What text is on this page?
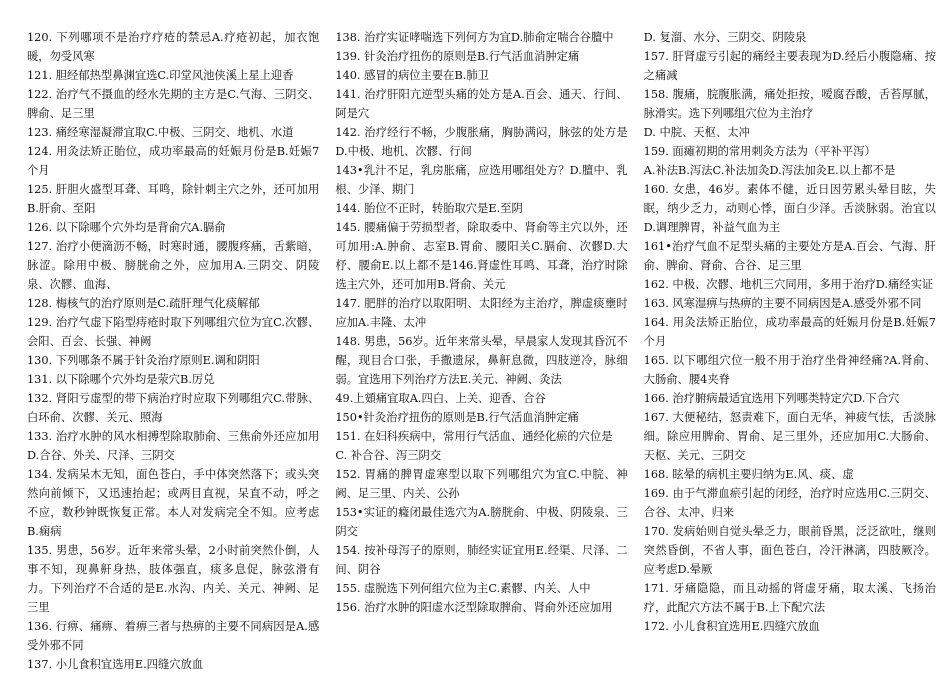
120. 下列哪项不是治疗疗疮的禁忌A.疗疮初起，加衣饱暖，勿受风寒

121. 胆经郁热型鼻渊宜选C.印堂风池侠溪上星上迎香

122. 治疗气不摄血的经水先期的主方是C.气海、三阴交、脾俞、足三里

123. 痛经寒湿凝滞宜取C.中极、三阴交、地机、水道

124. 用灸法矫正胎位，成功率最高的妊娠月份是B.妊娠7个月

125. 肝胆火盛型耳聋、耳鸣，除针刺主穴之外，还可加用B.肝俞、至阳

126. 以下除哪个穴外均是背俞穴A.膈俞

127. 治疗小便滴沥不畅，时寒时通，腰腹疼痛，舌紫暗，脉涩。除用中极、膀胱俞之外，应加用A.三阴交、阴陵泉、次髎、血海、

128. 梅核气的治疗原则是C.疏肝理气化痰解郁

129. 治疗气虚下陷型痔疮时取下列哪组穴位为宜C.次髎、会阳、百会、长强、神阙

130. 下列哪条不属于针灸治疗原则E.调和阴阳

131. 以下除哪个穴外均是荥穴B.厉兑

132. 肾阳亏虚型的带下病治疗时应取下列哪组穴C.带脉、白环俞、次髎、关元、照海

133. 治疗水肿的风水相搏型除取肺俞、三焦俞外还应加用D.合谷、外关、尺泽、三阴交

134. 发病呆木无知，面色苍白，手中体突然落下；或头突然向前倾下，又迅速抬起；或两目直视，呆直不动，呼之不应，数秒钟既恢复正常。本人对发病完全不知。应考虑B.痫病

135. 男患，56岁。近年来常头晕，2小时前突然仆倒，人事不知，现鼻鼾身热，肢体强直，痰多息促，脉弦滑有力。下列治疗不合适的是E.水沟、内关、关元、神阙、足三里

136. 行痹、痛痹、着痹三者与热痹的主要不同病因是A.感受外邪不同

137. 小儿食积宜选用E.四缝穴放血

138. 治疗实证哮喘选下列何方为宜D.肺俞定喘合谷膻中

139. 针灸治疗扭伤的原则是B.行气活血消肿定痛

140. 感冒的病位主要在B.肺卫

141. 治疗肝阳亢逆型头痛的处方是A.百会、通天、行间、阿是穴

142. 治疗经行不畅，少腹胀痛，胸胁满闷，脉弦的处方是D.中极、地机、次髎、行间

143•乳汁不足，乳房胀痛，应选用哪组处方？D.膻中、乳根、少泽、期门

144. 胎位不正时，转胎取穴是E.至阴

145. 腰痛偏于劳损型者，除取委中、肾俞等主穴以外，还可加用:A.肿俞、志室B.胃俞、腰阳关C.膈俞、次髎D.大杼、腰俞E.以上都不是146.肾虚性耳鸣、耳聋，治疗时除选主穴外，还可加用B.肾俞、关元

147. 肥胖的治疗以取阳明、太阳经为主治疗，脾虚痰壅时应加A.丰隆、太冲

148. 男患，56岁。近年来常头晕，早晨家人发现其昏沉不醒，现目合口张，手撒遗尿，鼻鼾息微，四肢逆冷，脉细弱。宜选用下列治疗方法E.关元、神阙、灸法

49.上頞痛宜取A.四白、上关、迎香、合谷

150•针灸治疗扭伤的原则是B.行气活血消肿定痛

151. 在妇科疾病中，常用行气活血、通经化瘀的穴位是

C. 补合谷、泻三阴交

152. 胃痛的脾胃虚寒型以取下列哪组穴为宜C.中脘、神阙、足三里、内关、公孙

153•实证的癃闭最佳选穴为A.膀胱俞、中极、阴陵泉、三阴交

154. 按补母泻子的原则，肺经实证宜用E.经渠、尺泽、二间、阴谷

155. 虚脱选下列何组穴位为主C.素髎、内关、人中

156. 治疗水肿的阳虚水泛型除取脾俞、肾俞外还应加用

D. 复溜、水分、三阴交、阴陵泉

157. 肝肾虚亏引起的痛经主要表现为D.经后小腹隐痛、按之痛减

158. 腹痛，脘腹胀满，痛处拒按，嗳腐吞酸，舌苔厚腻，脉滑实。选下列哪组穴位为主治疗

D. 中脘、天枢、太冲

159. 面瘫初期的常用刺灸方法为（平补平泻）

A.补法B.泻法C.补法加灸D.泻法加灸E.以上都不是

160. 女患，46岁。素体不健，近日因劳累头晕目眩，失眠，纳少乏力，动则心悸，面白少泽。舌淡脉弱。治宜以D.调理脾胃，补益气血为主

161•治疗气血不足型头痛的主要处方是A.百会、气海、肝俞、脾俞、肾俞、合谷、足三里

162. 中极、次髎、地机三穴同用，多用于治疗D.痛经实证

163. 风寒湿痹与热痹的主要不同病因是A.感受外邪不同

164. 用灸法矫正胎位，成功率最高的妊娠月份是B.妊娠7个月

165. 以下哪组穴位一般不用于治疗坐骨神经痛?A.肾俞、大肠俞、腰4夹脊

166. 治疗腑病最适宜选用下列哪类特定穴D.下合穴

167. 大便秘结，怒责难下，面白无华，神疲气怯，舌淡脉细。除应用脾俞、胃俞、足三里外，还应加用C.大肠俞、天枢、关元、三阴交

168. 眩晕的病机主要归纳为E.风、痰、虚

169. 由于气滞血瘀引起的闭经，治疗时应选用C.三阴交、合谷、太冲、归来

170. 发病始则自觉头晕乏力，眼前昏黑，泛泛欲吐，继则突然昏倒，不省人事，面色苍白，冷汗淋漓，四肢厥冷。应考虑D.晕厥

171. 牙痛隐隐，而且动摇的肾虚牙痛，取太溪、飞扬治疗，此配穴方法不属于B.上下配穴法

172. 小儿食积宜选用E.四缝穴放血
